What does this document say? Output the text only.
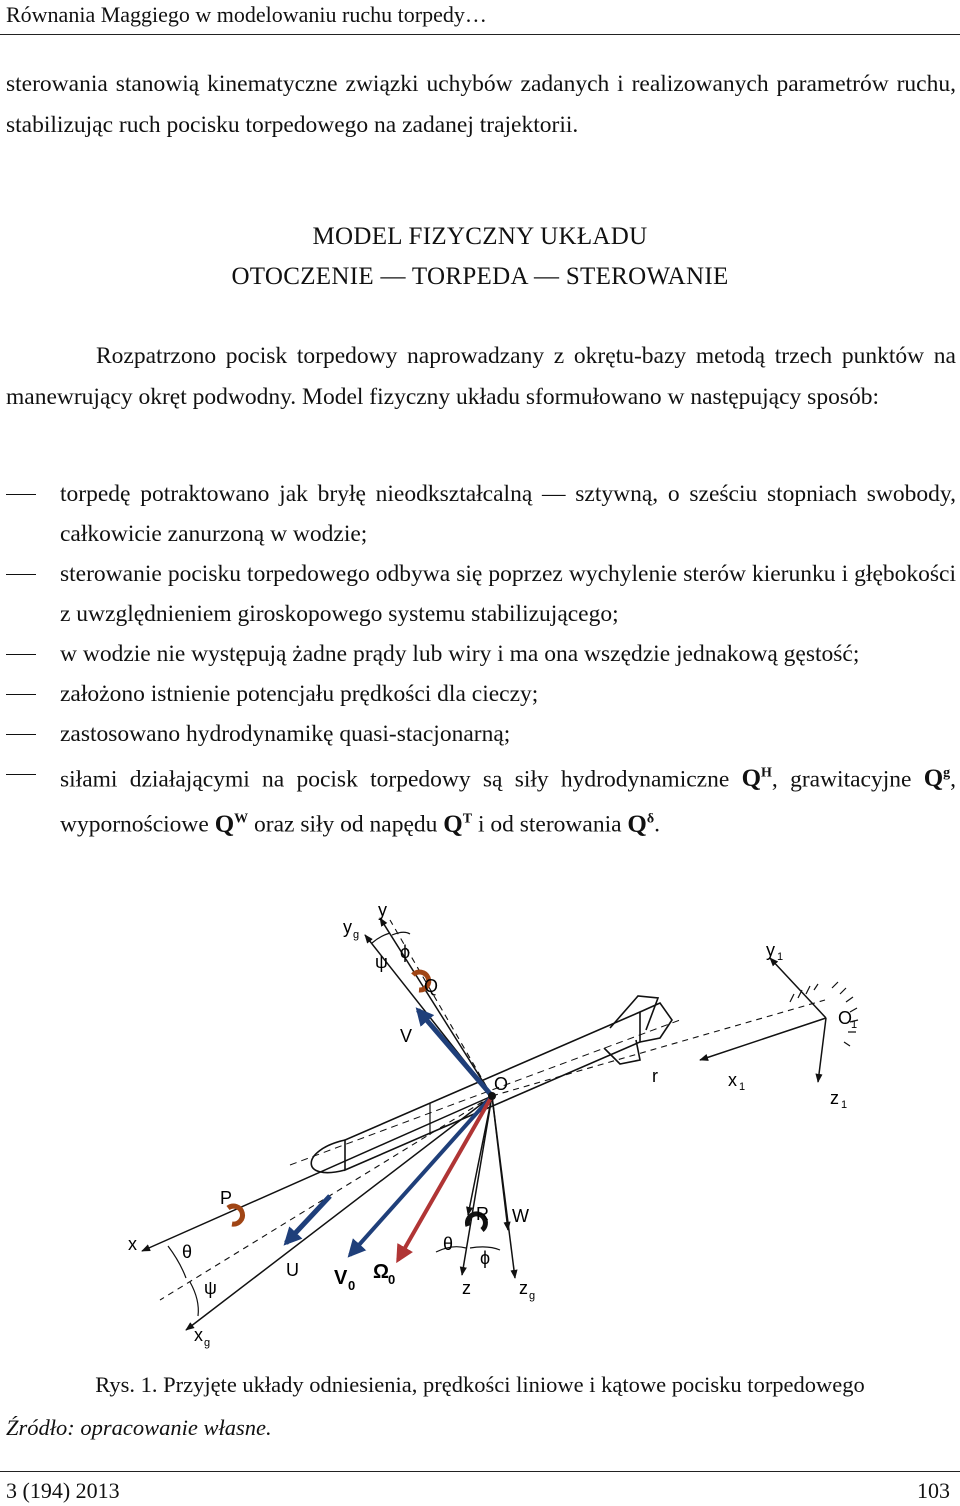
Równania Maggiego w modelowaniu ruchu torpedy…
sterowania stanowią kinematyczne związki uchybów zadanych i realizowanych parametrów ruchu, stabilizując ruch pocisku torpedowego na zadanej trajektorii.
MODEL FIZYCZNY UKŁADU
OTOCZENIE — TORPEDA — STEROWANIE
Rozpatrzono pocisk torpedowy naprowadzany z okrętu-bazy metodą trzech punktów na manewrujący okręt podwodny. Model fizyczny układu sformułowano w następujący sposób:
torpedę potraktowano jak bryłę nieodkształcalną — sztywną, o sześciu stopniach swobody, całkowicie zanurzoną w wodzie;
sterowanie pocisku torpedowego odbywa się poprzez wychylenie sterów kierunku i głębokości z uwzględnieniem giroskopowego systemu stabilizującego;
w wodzie nie występują żadne prądy lub wiry i ma ona wszędzie jednakową gęstość;
założono istnienie potencjału prędkości dla cieczy;
zastosowano hydrodynamikę quasi-stacjonarną;
siłami działającymi na pocisk torpedowy są siły hydrodynamiczne $Q^H$, grawitacyjne $Q^g$, wypornościowe $Q^W$ oraz siły od napędu $Q^T$ i od sterowania $Q^\delta$.
y
y g
ψ ϕ
Q
V
y 1
O
1
x 1
z 1
r
O
P
x	θ
U
ψ	V 0
Ω
0
R W
θ
ϕ
z	z g
x g
Rys. 1. Przyjęte układy odniesienia, prędkości liniowe i kątowe pocisku torpedowego
Źródło: opracowanie własne.
3 (194) 2013	103
